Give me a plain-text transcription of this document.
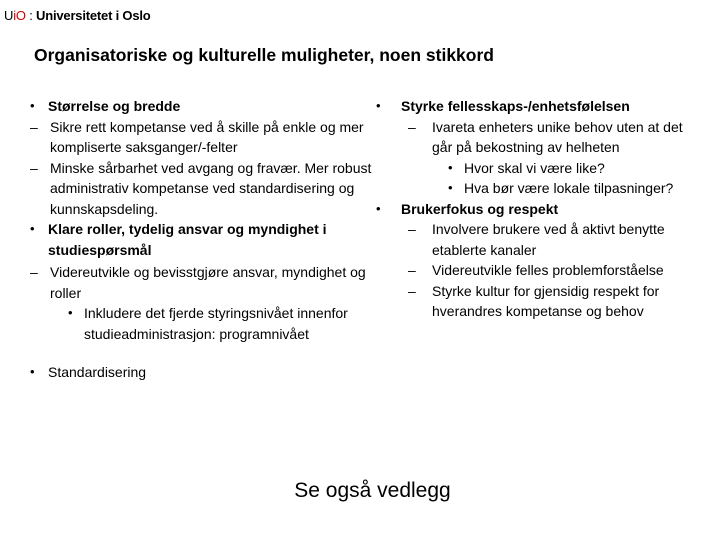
UiO : Universitetet i Oslo
Organisatoriske og kulturelle muligheter, noen stikkord
• Størrelse og bredde
– Sikre rett kompetanse ved å skille på enkle og mer kompliserte saksganger/-felter
– Minske sårbarhet ved avgang og fravær. Mer robust administrativ kompetanse ved standardisering og kunnskapsdeling.
• Klare roller, tydelig ansvar og myndighet i studiespørsmål
– Videreutvikle og bevisstgjøre ansvar, myndighet og roller
• Inkludere det fjerde styringsnivået innenfor studieadministrasjon: programnivået
• Standardisering
• Styrke fellesskaps-/enhetsfølelsen
– Ivareta enheters unike behov uten at det går på bekostning av helheten
• Hvor skal vi være like?
• Hva bør være lokale tilpasninger?
• Brukerfokus og respekt
– Involvere brukere ved å aktivt benytte etablerte kanaler
– Videreutvikle felles problemforståelse
– Styrke kultur for gjensidig respekt for hverandres kompetanse og behov
Se også vedlegg
